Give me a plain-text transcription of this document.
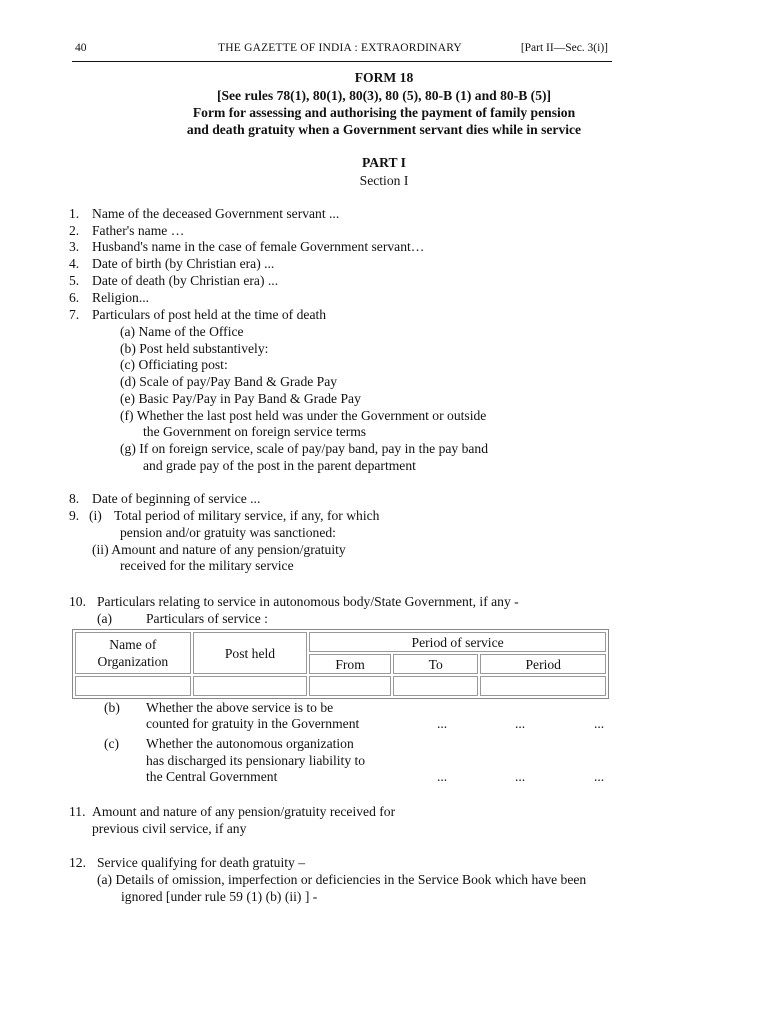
40	THE GAZETTE OF INDIA : EXTRAORDINARY	[Part II—Sec. 3(i)]
FORM 18
[See rules 78(1), 80(1), 80(3), 80 (5), 80-B (1) and 80-B (5)]
Form for assessing and authorising the payment of family pension
and death gratuity when a Government servant dies while in service
PART I
Section I
1. Name of the deceased Government servant ...
2. Father's name …
3. Husband's name in the case of female Government servant…
4. Date of birth (by Christian era) ...
5. Date of death (by Christian era) ...
6. Religion...
7. Particulars of post held at the time of death
(a) Name of the Office
(b) Post held substantively:
(c) Officiating post:
(d) Scale of pay/Pay Band & Grade Pay
(e) Basic Pay/Pay in Pay Band & Grade Pay
(f) Whether the last post held was under the Government or outside
the Government on foreign service terms
(g) If on foreign service, scale of pay/pay band, pay in the pay band
and grade pay of the post in the parent department
8. Date of beginning of service ...
9. (i) Total period of military service, if any, for which
pension and/or gratuity was sanctioned:
(ii) Amount and nature of any pension/gratuity
received for the military service
10. Particulars relating to service in autonomous body/State Government, if any -
(a) Particulars of service :
Name of
Organization	Post held	Period of service		
		From	To	Period

(b) Whether the above service is to be
counted for gratuity in the Government	...	...	...
(c) Whether the autonomous organization
has discharged its pensionary liability to
the Central Government	...	...	...
11. Amount and nature of any pension/gratuity received for
previous civil service, if any
12. Service qualifying for death gratuity –
(a) Details of omission, imperfection or deficiencies in the Service Book which have been
ignored [under rule 59 (1) (b) (ii) ] -
